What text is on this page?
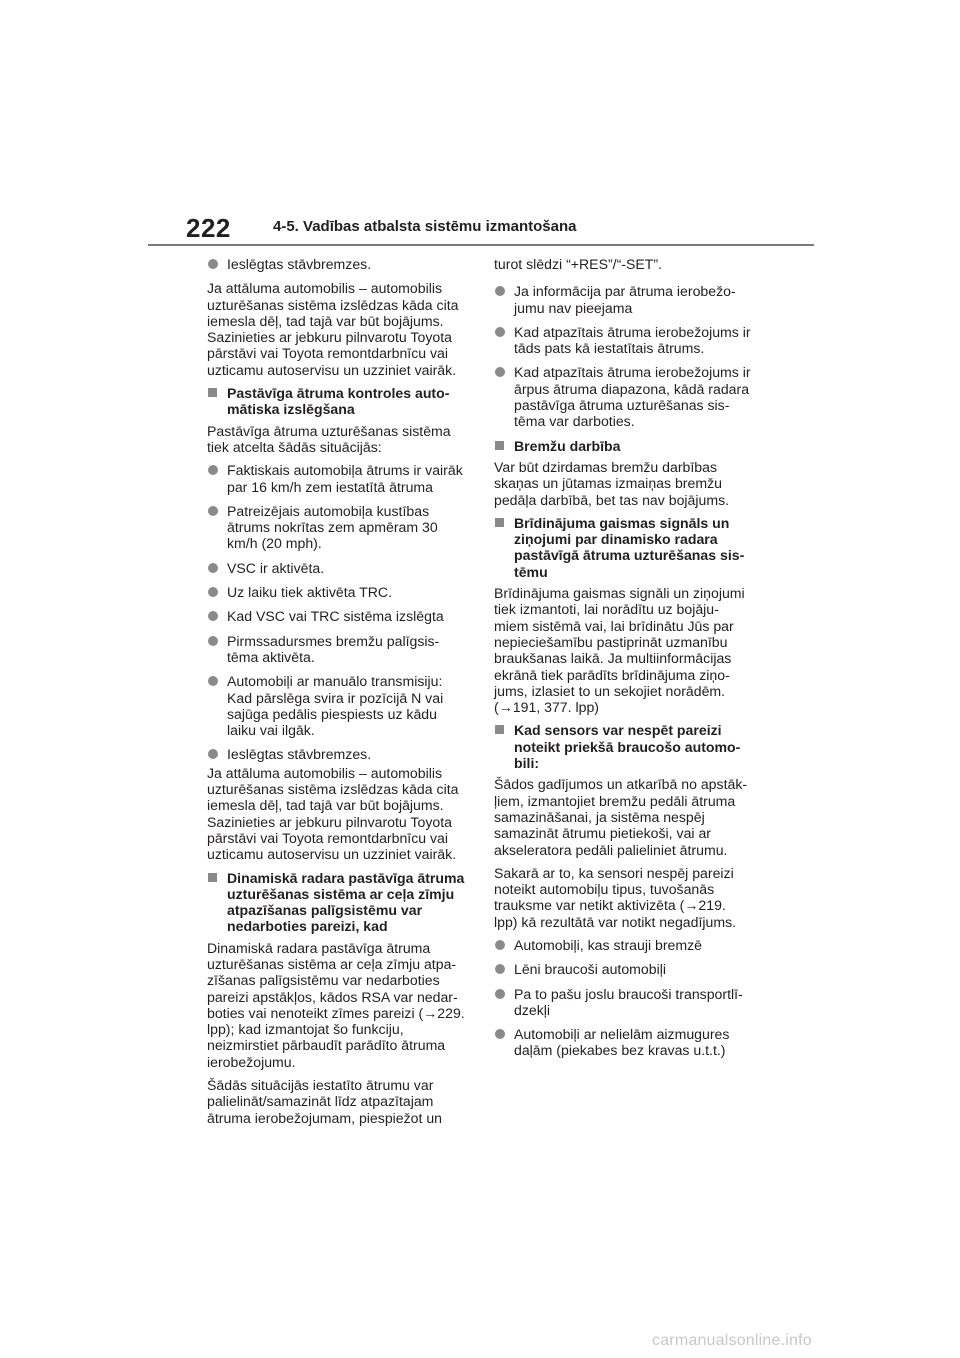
222	4-5. Vadības atbalsta sistēmu izmantošana
Ieslēgtas stāvbremzes.

Ja attāluma automobilis – automobilis uzturēšanas sistēma izslēdzas kāda cita iemesla dēļ, tad tajā var būt bojājums. Sazinieties ar jebkuru pilnvarotu Toyota pārstāvi vai Toyota remontdarbnīcu vai uzticamu autoservisu un uzziniet vairāk.

Pastāvīga ātruma kontroles auto-mātiska izslēgšana

Pastāvīga ātruma uzturēšanas sistēma tiek atcelta šādās situācijās:

Faktiskais automobiļa ātrums ir vairāk par 16 km/h zem iestatītā ātruma
Patreizējais automobiļa kustības ātrums nokrītas zem apmēram 30 km/h (20 mph).
VSC ir aktivēta.
Uz laiku tiek aktivēta TRC.
Kad VSC vai TRC sistēma izslēgta
Pirmssadursmes bremžu palīgsis-tēma aktivēta.
Automobiļi ar manuālo transmisiju: Kad pārslēga svira ir pozīcijā N vai sajūga pedālis piespiests uz kādu laiku vai ilgāk.
Ieslēgtas stāvbremzes.

Ja attāluma automobilis – automobilis uzturēšanas sistēma izslēdzas kāda cita iemesla dēļ, tad tajā var būt bojājums. Sazinieties ar jebkuru pilnvarotu Toyota pārstāvi vai Toyota remontdarbnīcu vai uzticamu autoservisu un uzziniet vairāk.

Dinamiskā radara pastāvīga ātruma uzturēšanas sistēma ar ceļa zīmju atpazīšanas palīgsistēmu var nedarboties pareizi, kad

Dinamiskā radara pastāvīga ātruma uzturēšanas sistēma ar ceļa zīmju atpa-zīšanas palīgsistēmu var nedarboties pareizi apstākļos, kādos RSA var nedar-boties vai nenoteikt zīmes pareizi (→229. lpp); kad izmantojat šo funkciju, neizmirstiet pārbaudīt parādīto ātruma ierobežojumu.

Šādās situācijās iestatīto ātrumu var palielināt/samazināt līdz atpazītajam ātruma ierobežojumam, piespiežot un

turot slēdzi “+RES”/“-SET”.

Ja informācija par ātruma ierobežo-jumu nav pieejama
Kad atpazītais ātruma ierobežojums ir tāds pats kā iestatītais ātrums.
Kad atpazītais ātruma ierobežojums ir ārpus ātruma diapazona, kādā radara pastāvīga ātruma uzturēšanas sis-tēma var darboties.
Bremžu darbība

Var būt dzirdamas bremžu darbības skaņas un jūtamas izmaiņas bremžu pedāļa darbībā, bet tas nav bojājums.

Brīdinājuma gaismas signāls un ziņojumi par dinamisko radara pastāvīgā ātruma uzturēšanas sis-tēmu

Brīdinājuma gaismas signāli un ziņojumi tiek izmantoti, lai norādītu uz bojāju-miem sistēmā vai, lai brīdinātu Jūs par nepieciešamību pastiprināt uzmanību braukšanas laikā. Ja multiinformācijas ekrānā tiek parādīts brīdinājuma ziņo-jums, izlasiet to un sekojiet norādēm. (→191, 377. lpp)

Kad sensors var nespēt pareizi noteikt priekšā braucošo automo-bili:

Šādos gadījumos un atkarībā no apstāk-ļiem, izmantojiet bremžu pedāli ātruma samazināšanai, ja sistēma nespēj samazināt ātrumu pietiekoši, vai ar akseleratora pedāli palieliniet ātrumu.

Sakarā ar to, ka sensori nespēj pareizi noteikt automobiļu tipus, tuvošanās trauksme var netikt aktivizēta (→219. lpp) kā rezultātā var notikt negadījums.

Automobiļi, kas strauji bremzē
Lēni braucoši automobiļi
Pa to pašu joslu braucoši transportlī-dzekļi
Automobiļi ar nelielām aizmugures daļām (piekabes bez kravas u.t.t.)
carmanualsonline.info
